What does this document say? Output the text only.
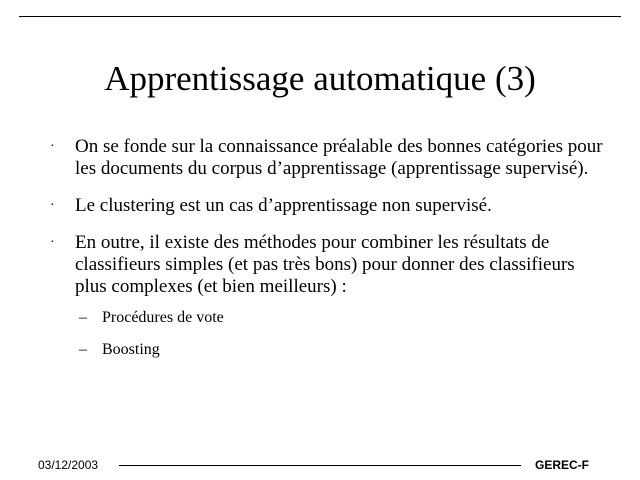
Apprentissage automatique (3)
· On se fonde sur la connaissance préalable des bonnes catégories pour les documents du corpus d’apprentissage (apprentissage supervisé).
· Le clustering est un cas d’apprentissage non supervisé.
· En outre, il existe des méthodes pour combiner les résultats de classifieurs simples (et pas très bons) pour donner des classifieurs plus complexes (et bien meilleurs) :
– Procédures de vote
– Boosting
03/12/2003	GEREC-F
